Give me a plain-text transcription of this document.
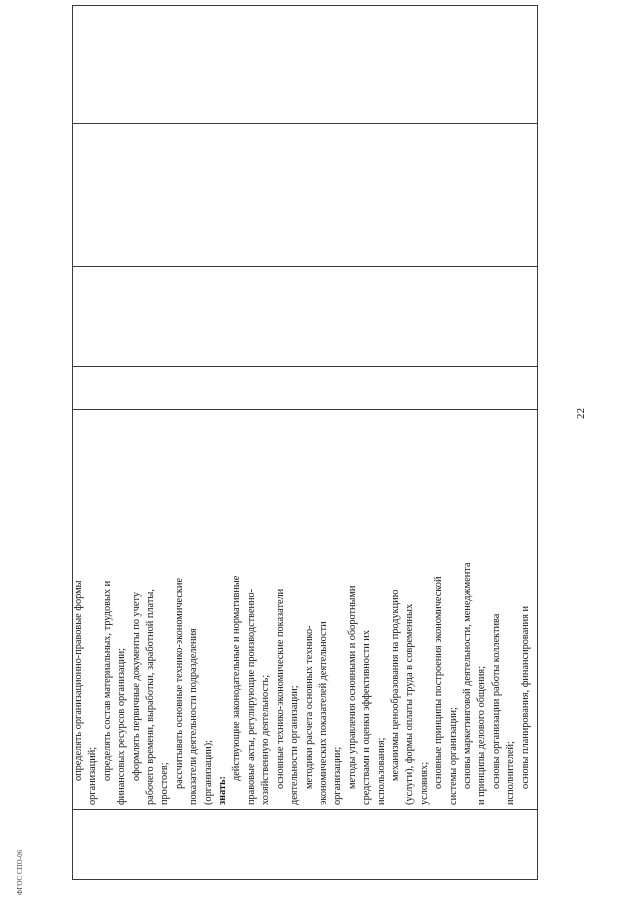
определять организационно-правовые формы организаций; определять состав материальных, трудовых и финансовых ресурсов организации; оформлять первичные документы по учету рабочего времени, выработки, заработной платы, простоев; рассчитывать основные технико-экономические показатели деятельности подразделения (организации); знать:
действующие законодательные и нормативные правовые акты, регулирующие производственно- хозяйственную деятельность; основные технико-экономические показатели деятельности организации; методики расчета основных технико- экономических показателей деятельности организации; методы управления основными и оборотными средствами и оценки эффективности их использования; механизмы ценообразования на продукцию (услуги), формы оплаты труда в современных условиях; основные принципы построения экономической системы организации; основы маркетинговой деятельности, менеджмента и принципы делового общения; основы организации работы коллектива исполнителей; основы планирования, финансирования и
22
ФГОС СПО-06
